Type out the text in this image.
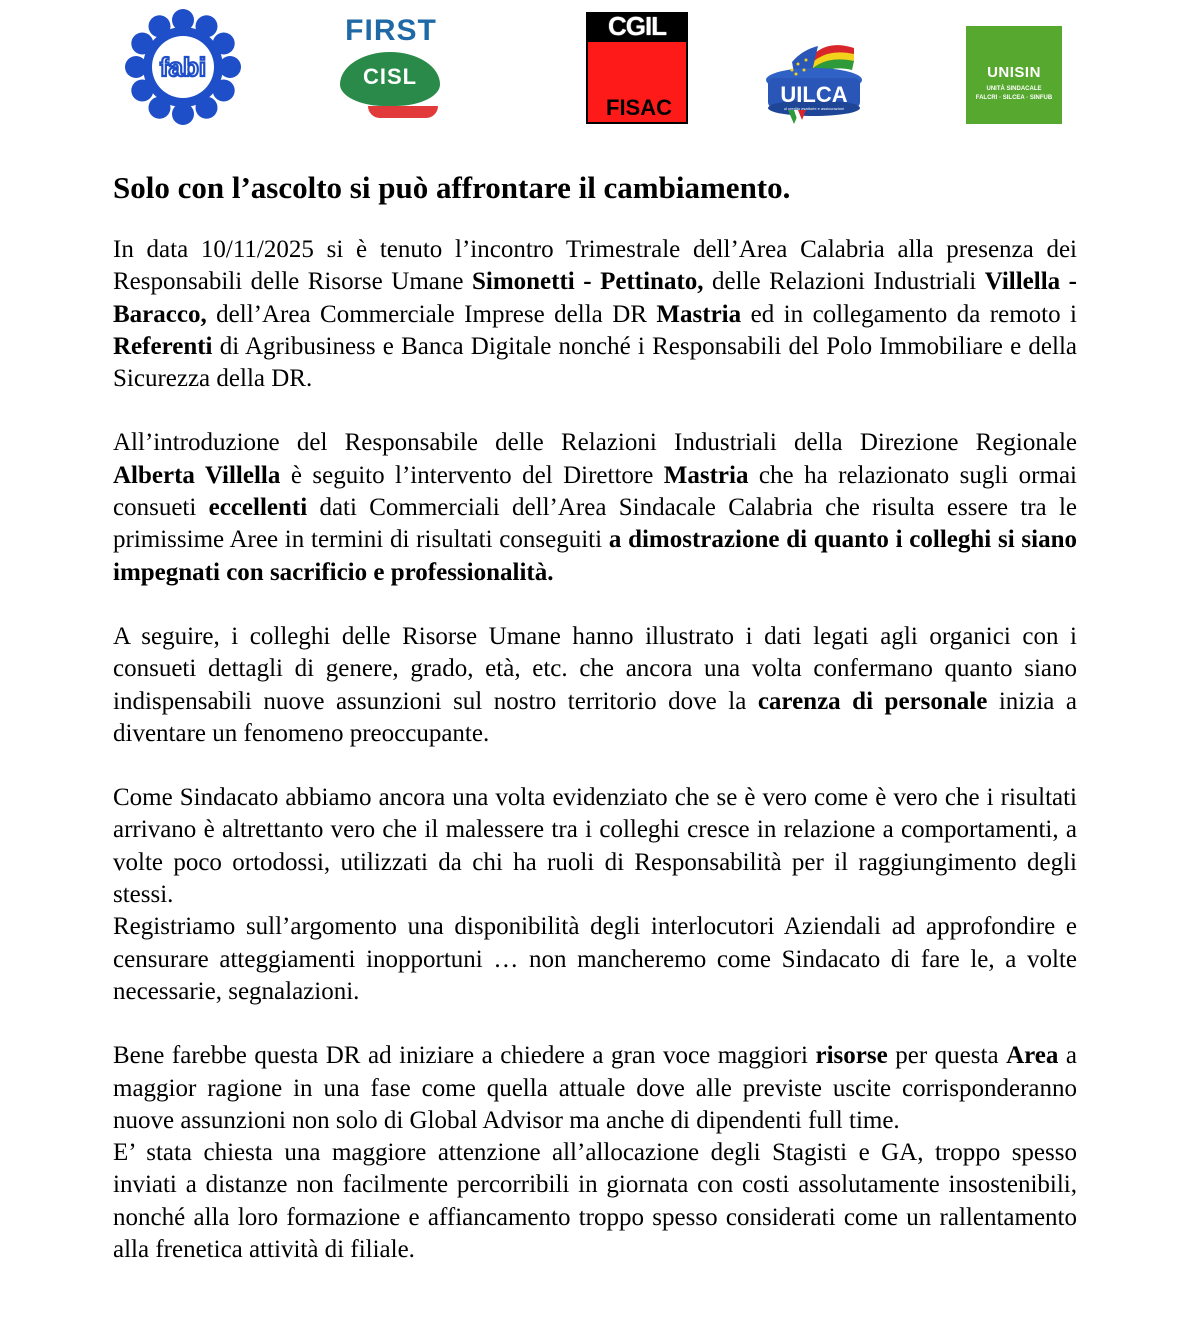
fabi
FIRST
CISL
CGIL
FISAC
UILCA
ul credito esattorie e assicurazioni
UNISIN
UNITÀ SINDACALE
FALCRI · SILCEA · SINFUB
Solo con l’ascolto si può affrontare il cambiamento.

In data 10/11/2025 si è tenuto l’incontro Trimestrale dell’Area Calabria alla presenza dei Responsabili delle Risorse Umane Simonetti - Pettinato, delle Relazioni Industriali Villella - Baracco, dell’Area Commerciale Imprese della DR Mastria ed in collegamento da remoto i Referenti di Agribusiness e Banca Digitale nonché i Responsabili del Polo Immobiliare e della Sicurezza della DR.

All’introduzione del Responsabile delle Relazioni Industriali della Direzione Regionale Alberta Villella è seguito l’intervento del Direttore Mastria che ha relazionato sugli ormai consueti eccellenti dati Commerciali dell’Area Sindacale Calabria che risulta essere tra le primissime Aree in termini di risultati conseguiti a dimostrazione di quanto i colleghi si siano impegnati con sacrificio e professionalità.

A seguire, i colleghi delle Risorse Umane hanno illustrato i dati legati agli organici con i consueti dettagli di genere, grado, età, etc. che ancora una volta confermano quanto siano indispensabili nuove assunzioni sul nostro territorio dove la carenza di personale inizia a diventare un fenomeno preoccupante.

Come Sindacato abbiamo ancora una volta evidenziato che se è vero come è vero che i risultati arrivano è altrettanto vero che il malessere tra i colleghi cresce in relazione a comportamenti, a volte poco ortodossi, utilizzati da chi ha ruoli di Responsabilità per il raggiungimento degli stessi.

Registriamo sull’argomento una disponibilità degli interlocutori Aziendali ad approfondire e censurare atteggiamenti inopportuni … non mancheremo come Sindacato di fare le, a volte necessarie, segnalazioni.

Bene farebbe questa DR ad iniziare a chiedere a gran voce maggiori risorse per questa Area a maggior ragione in una fase come quella attuale dove alle previste uscite corrisponderanno nuove assunzioni non solo di Global Advisor ma anche di dipendenti full time.

E’ stata chiesta una maggiore attenzione all’allocazione degli Stagisti e GA, troppo spesso inviati a distanze non facilmente percorribili in giornata con costi assolutamente insostenibili, nonché alla loro formazione e affiancamento troppo spesso considerati come un rallentamento alla frenetica attività di filiale.
